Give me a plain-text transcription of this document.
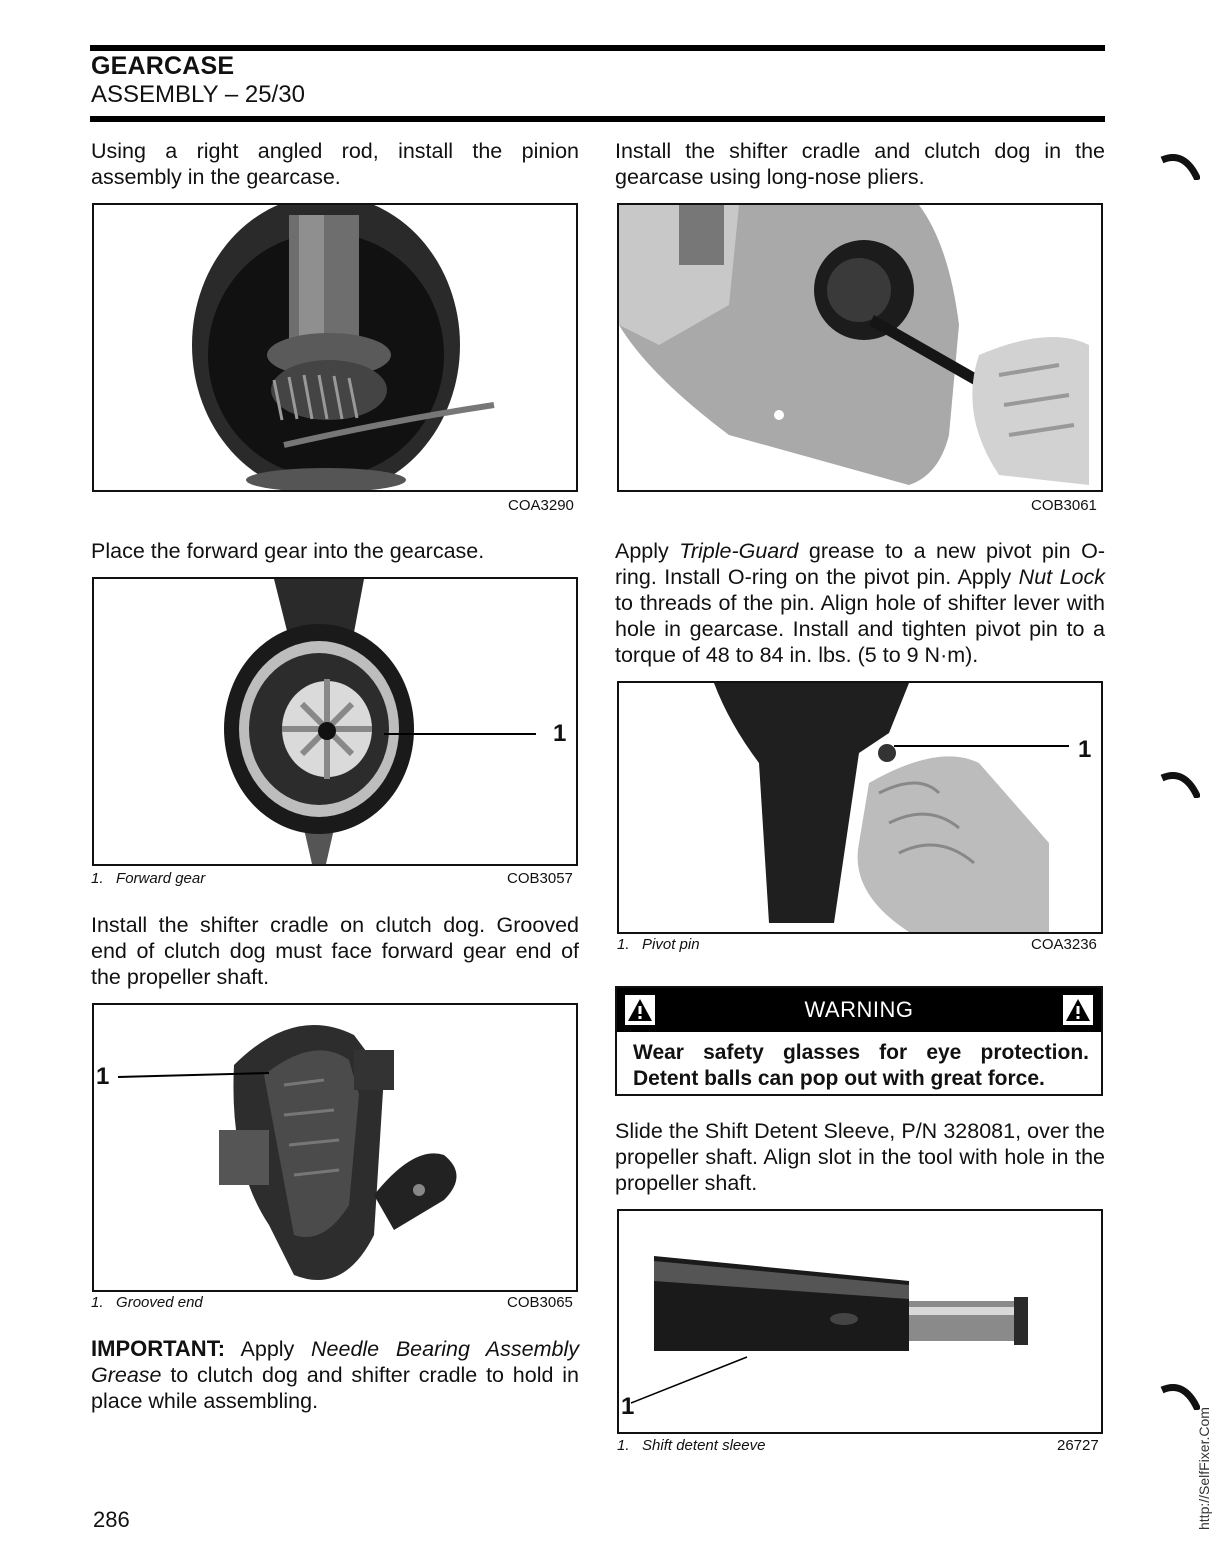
GEARCASE
ASSEMBLY – 25/30
Using a right angled rod, install the pinion assembly in the gearcase.
COA3290
Place the forward gear into the gearcase.
1
1. Forward gear	COB3057
Install the shifter cradle on clutch dog. Grooved end of clutch dog must face forward gear end of the propeller shaft.
1
1. Grooved end	COB3065
IMPORTANT: Apply Needle Bearing Assembly Grease to clutch dog and shifter cradle to hold in place while assembling.
Install the shifter cradle and clutch dog in the gearcase using long-nose pliers.
COB3061
Apply Triple-Guard grease to a new pivot pin O-ring. Install O-ring on the pivot pin. Apply Nut Lock to threads of the pin. Align hole of shifter lever with hole in gearcase. Install and tighten pivot pin to a torque of 48 to 84 in. lbs. (5 to 9 N·m).
1
1. Pivot pin	COA3236
WARNING
Wear safety glasses for eye protection. Detent balls can pop out with great force.
Slide the Shift Detent Sleeve, P/N 328081, over the propeller shaft. Align slot in the tool with hole in the propeller shaft.
1
1. Shift detent sleeve	26727
286	http://SelfFixer.Com
